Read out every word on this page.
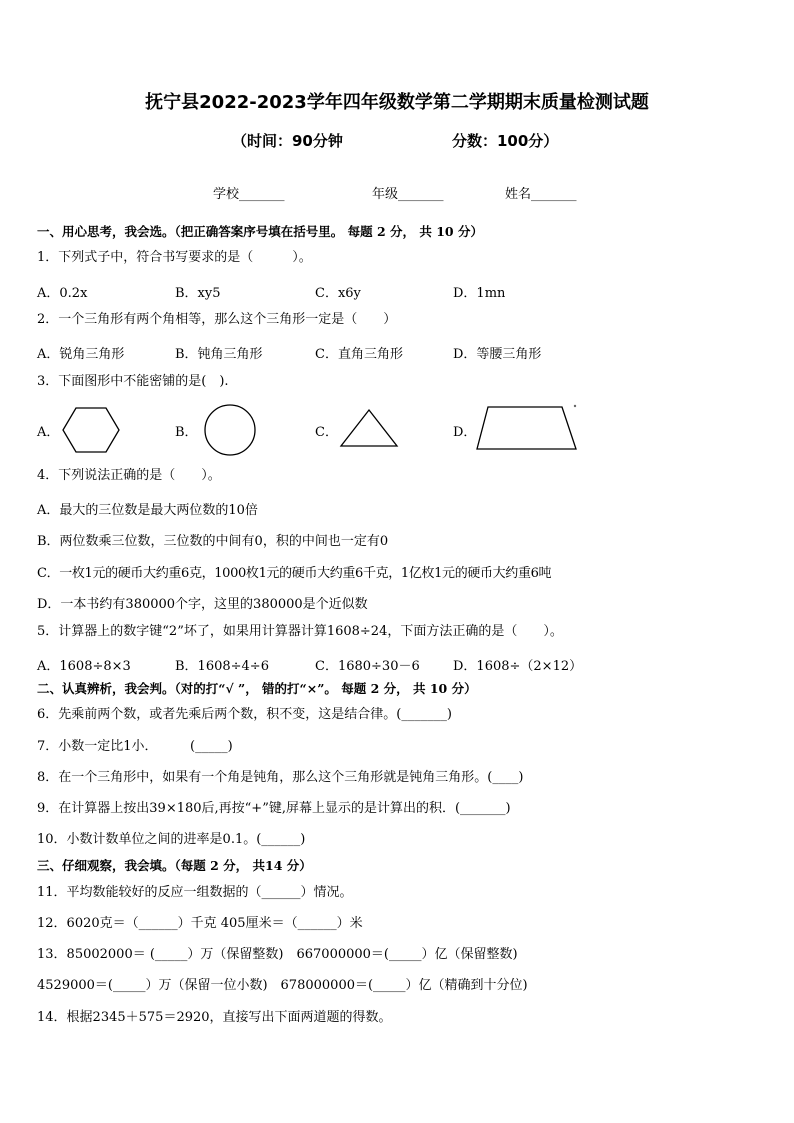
抚宁县2022-2023学年四年级数学第二学期期末质量检测试题
（时间：90分钟	分数：100分）
学校_______	年级_______	姓名_______
一、用心思考，我会选。（把正确答案序号填在括号里。 每题 2 分， 共 10 分）
1．下列式子中，符合书写要求的是（　　　）。
A．0.2x	B．xy5	C．x6y	D．1mn
2．一个三角形有两个角相等，那么这个三角形一定是（　　）
A．锐角三角形	B．钝角三角形	C．直角三角形	D．等腰三角形
3．下面图形中不能密铺的是(　).
A．	B．	C．	D．
4．下列说法正确的是（　　）。
A．最大的三位数是最大两位数的10倍
B．两位数乘三位数，三位数的中间有0，积的中间也一定有0
C．一枚1元的硬币大约重6克，1000枚1元的硬币大约重6千克，1亿枚1元的硬币大约重6吨
D．一本书约有380000个字，这里的380000是个近似数
5．计算器上的数字键“2”坏了，如果用计算器计算1608÷24，下面方法正确的是（　　）。
A．1608÷8×3	B．1608÷4÷6	C．1680÷30－6	D．1608÷（2×12）
二、认真辨析，我会判。（对的打“√ ”， 错的打“×”。 每题 2 分， 共 10 分）
6．先乘前两个数，或者先乘后两个数，积不变，这是结合律。(_______)
7．小数一定比1小．　　　(_____)
8．在一个三角形中，如果有一个角是钝角，那么这个三角形就是钝角三角形。(____)
9．在计算器上按出39×180后,再按“+”键,屏幕上显示的是计算出的积．(_______)
10．小数计数单位之间的进率是0.1。(______)
三、仔细观察，我会填。（每题 2 分， 共14 分）
11．平均数能较好的反应一组数据的（______）情况。
12．6020克＝（______）千克 405厘米＝（______）米
13．85002000＝ (_____）万（保留整数)　667000000＝(_____）亿（保留整数)
4529000＝(_____）万（保留一位小数)　678000000＝(_____）亿（精确到十分位)
14．根据2345＋575＝2920，直接写出下面两道题的得数。
